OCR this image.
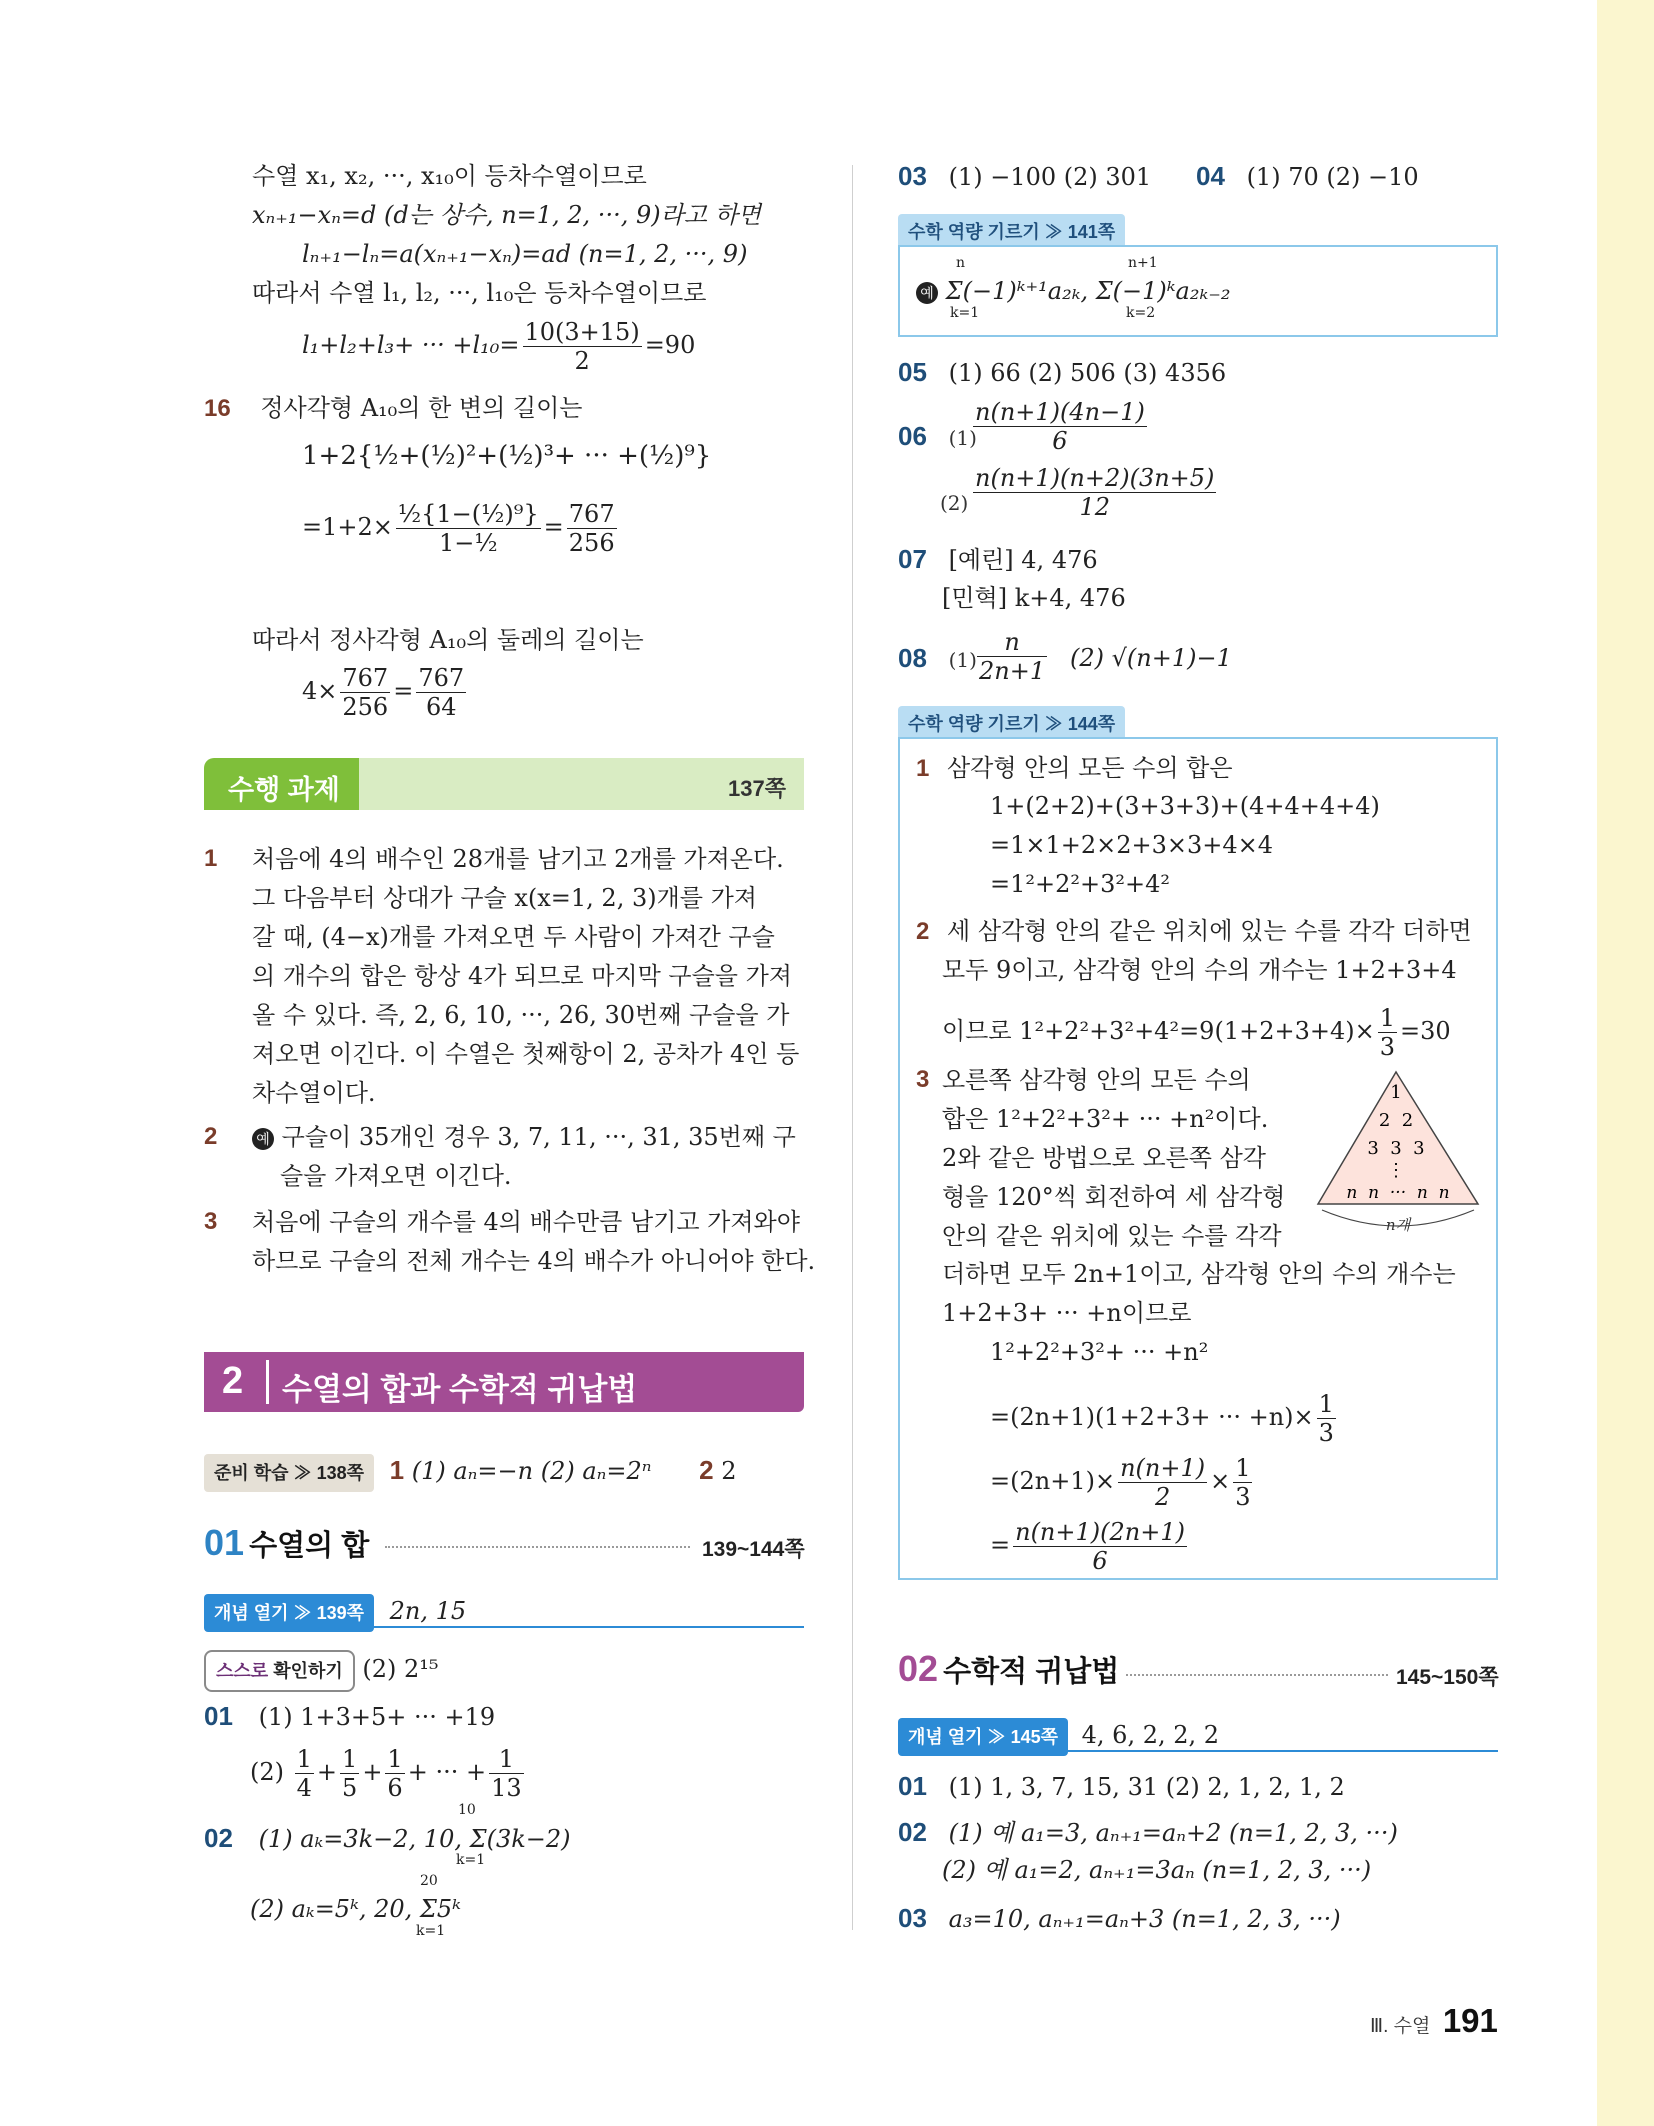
수열 x₁, x₂, ···, x₁₀이 등차수열이므로
xₙ₊₁−xₙ=d (d는 상수, n=1, 2, ···, 9)라고 하면
lₙ₊₁−lₙ=a(xₙ₊₁−xₙ)=ad (n=1, 2, ···, 9)
따라서 수열 l₁, l₂, ···, l₁₀은 등차수열이므로
l₁+l₂+l₃+ ··· $+l_{10}= \frac{10(3+15)}{2} =90$
16 정사각형 A₁₀의 한 변의 길이는
1+2{½+(½)²+(½)³+ ··· +(½)⁹}
$=1+2\times \frac{\text{½\{1−(½)⁹\}}}{\text{1−½}} = \frac{767}{256}$
따라서 정사각형 A₁₀의 둘레의 길이는
$4\times \frac{767}{256} = \frac{767}{64}$
수행 과제	137쪽
1 처음에 4의 배수인 28개를 남기고 2개를 가져온다.
그 다음부터 상대가 구슬 x(x=1, 2, 3)개를 가져
갈 때, (4−x)개를 가져오면 두 사람이 가져간 구슬
의 개수의 합은 항상 4가 되므로 마지막 구슬을 가져
올 수 있다. 즉, 2, 6, 10, ···, 26, 30번째 구슬을 가
져오면 이긴다. 이 수열은 첫째항이 2, 공차가 4인 등
차수열이다.
2	예 구슬이 35개인 경우 3, 7, 11, ···, 31, 35번째 구
슬을 가져오면 이긴다.
3 처음에 구슬의 개수를 4의 배수만큼 남기고 가져와야
하므로 구슬의 전체 개수는 4의 배수가 아니어야 한다.
2 수열의 합과 수학적 귀납법
준비 학습 ≫ 138쪽 1 (1) aₙ=−n (2) aₙ=2ⁿ 2 2
01 수열의 합	139~144쪽
개념 열기 ≫ 139쪽 2n, 15
스스로 확인하기 (2) 2¹⁵
01 (1) 1+3+5+ ··· +19
$(2) \frac{1}{4} + \frac{1}{5} + \frac{1}{6}$ + ··· + $\frac{1}{13}$
02 (1) aₖ=3k−2, 10, Σ(3k−2)
10
k=1
(2) aₖ=5ᵏ, 20, Σ5ᵏ
20
k=1
03 (1) −100 (2) 301 04 (1) 70 (2) −10
수학 역량 기르기 ≫ 141쪽
예 Σ(−1)ᵏ⁺¹a₂ₖ, Σ(−1)ᵏa₂ₖ₋₂
n
k=1
n+1
k=2
05 (1) 66 (2) 506 (3) 4356
06 (1)
$\frac{n(n+1)(4n-1)}{6}$
$(2) \frac{n(n+1)(n+2)(3n+5)}{12}$
07 [예린] 4, 476
[민혁] k+4, 476
08 $(1) \frac{n}{2n+1} (2)$ √(n+1)−1
수학 역량 기르기 ≫ 144쪽
1 삼각형 안의 모든 수의 합은
1+(2+2)+(3+3+3)+(4+4+4+4)
=1×1+2×2+3×3+4×4
=1²+2²+3²+4²
2 세 삼각형 안의 같은 위치에 있는 수를 각각 더하면
모두 9이고, 삼각형 안의 수의 개수는 1+2+3+4
이므로 $1^2+2^2+3^2+4^2=9(1+2+3+4)\times \frac{1}{3} =30$
3 오른쪽 삼각형 안의 모든 수의
합은 1²+2²+3²+ ··· +n²이다.
2와 같은 방법으로 오른쪽 삼각
형을 120°씩 회전하여 세 삼각형
안의 같은 위치에 있는 수를 각각
1
2  2
3  3  3
⋮
n  n  ···  n  n
n개
더하면 모두 2n+1이고, 삼각형 안의 수의 개수는
1+2+3+ ··· +n이므로
1²+2²+3²+ ··· +n²
=(2n+1)(1+2+3+ ··· $+n)\times \frac{1}{3}$
$=(2n+1)\times \frac{n(n+1)}{2} \times \frac{1}{3}$
= $\frac{n(n+1)(2n+1)}{6}$
02 수학적 귀납법	145~150쪽
개념 열기 ≫ 145쪽 4, 6, 2, 2, 2
01 (1) 1, 3, 7, 15, 31 (2) 2, 1, 2, 1, 2
02 (1) 예 a₁=3, aₙ₊₁=aₙ+2 (n=1, 2, 3, ···)
(2) 예 a₁=2, aₙ₊₁=3aₙ (n=1, 2, 3, ···)
03 a₃=10, aₙ₊₁=aₙ+3 (n=1, 2, 3, ···)
Ⅲ. 수열 191
